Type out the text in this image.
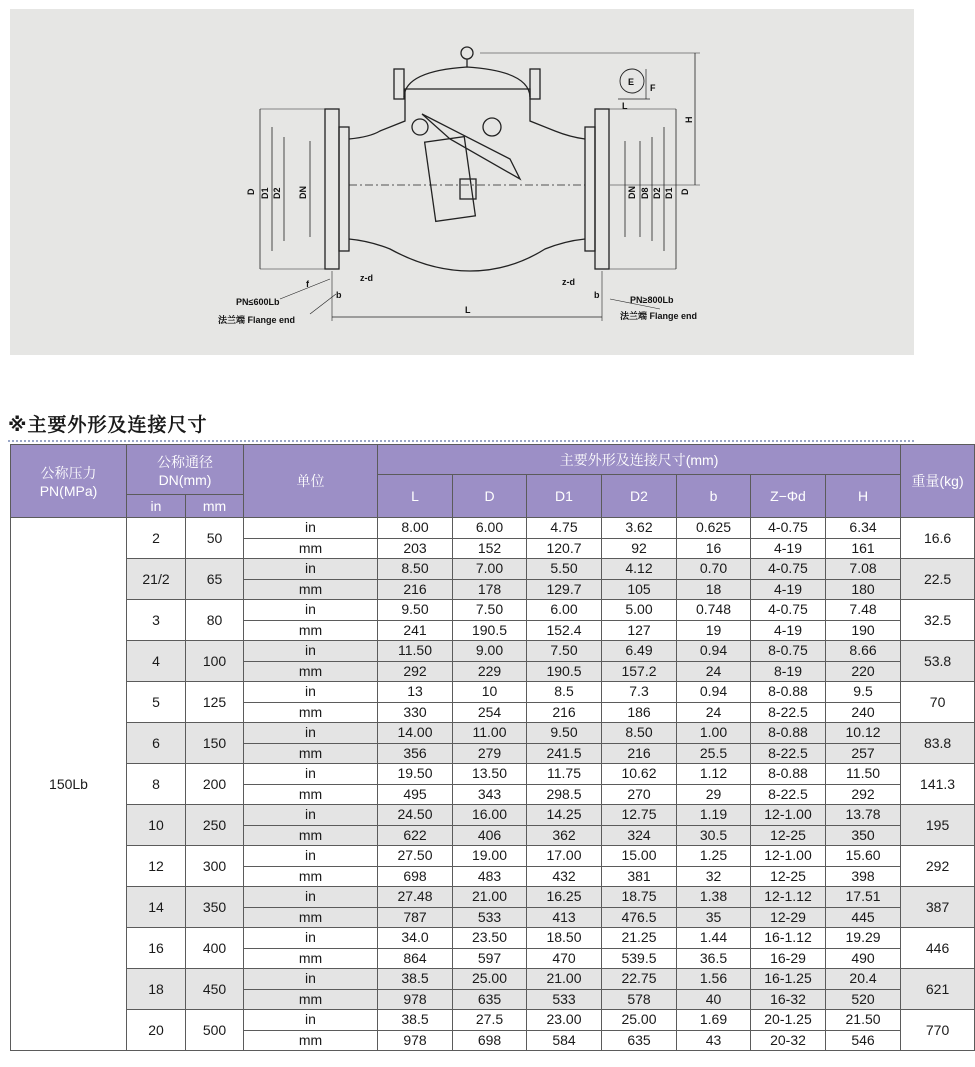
D D1 D2 DN	DN D8 D2 D1 D
H
L
z-d	z-d
f
b	b
PN≤600Lb
法兰端 Flange end
PN≥800Lb
法兰端 Flange end
E
F
L
※主要外形及连接尺寸
公称压力PN(MPa)	公称通径DN(mm)		单位	主要外形及连接尺寸(mm)							重量(kg)
				L	D	D1	D2	b	Z−Φd	H	
	in	mm									
150Lb	2	50	in	8.00	6.00	4.75	3.62	0.625	4-0.75	6.34	16.6
			mm	203	152	120.7	92	16	4-19	161	
	21/2	65	in	8.50	7.00	5.50	4.12	0.70	4-0.75	7.08	22.5
			mm	216	178	129.7	105	18	4-19	180	
	3	80	in	9.50	7.50	6.00	5.00	0.748	4-0.75	7.48	32.5
			mm	241	190.5	152.4	127	19	4-19	190	
	4	100	in	11.50	9.00	7.50	6.49	0.94	8-0.75	8.66	53.8
			mm	292	229	190.5	157.2	24	8-19	220	
	5	125	in	13	10	8.5	7.3	0.94	8-0.88	9.5	70
			mm	330	254	216	186	24	8-22.5	240	
	6	150	in	14.00	11.00	9.50	8.50	1.00	8-0.88	10.12	83.8
			mm	356	279	241.5	216	25.5	8-22.5	257	
	8	200	in	19.50	13.50	11.75	10.62	1.12	8-0.88	11.50	141.3
			mm	495	343	298.5	270	29	8-22.5	292	
	10	250	in	24.50	16.00	14.25	12.75	1.19	12-1.00	13.78	195
			mm	622	406	362	324	30.5	12-25	350	
	12	300	in	27.50	19.00	17.00	15.00	1.25	12-1.00	15.60	292
			mm	698	483	432	381	32	12-25	398	
	14	350	in	27.48	21.00	16.25	18.75	1.38	12-1.12	17.51	387
			mm	787	533	413	476.5	35	12-29	445	
	16	400	in	34.0	23.50	18.50	21.25	1.44	16-1.12	19.29	446
			mm	864	597	470	539.5	36.5	16-29	490	
	18	450	in	38.5	25.00	21.00	22.75	1.56	16-1.25	20.4	621
			mm	978	635	533	578	40	16-32	520	
	20	500	in	38.5	27.5	23.00	25.00	1.69	20-1.25	21.50	770
			mm	978	698	584	635	43	20-32	546	
